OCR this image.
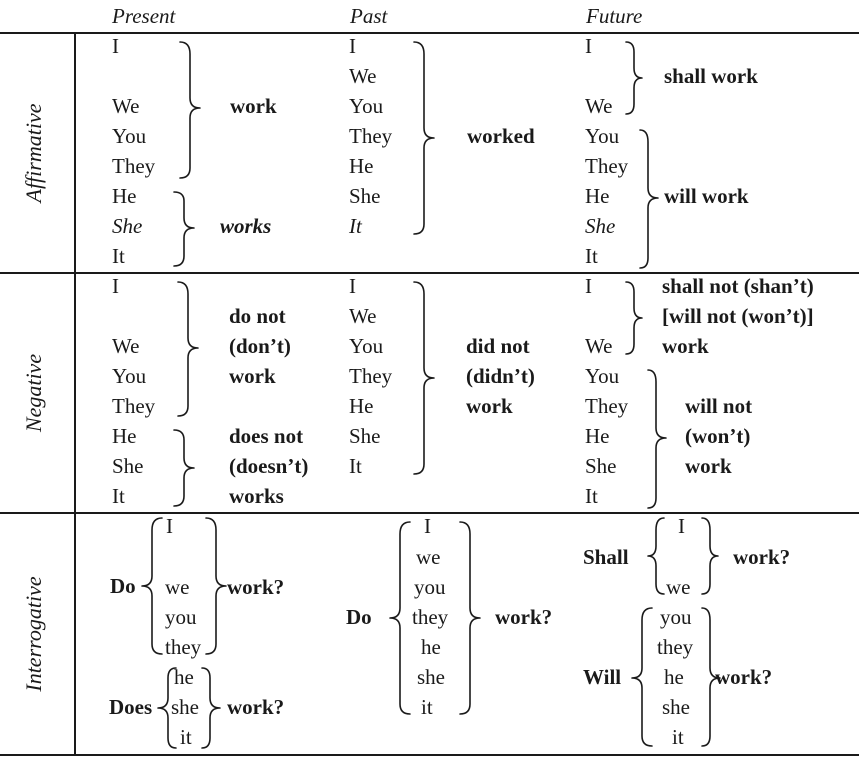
Present	Past	Future
Affirmative
Negative
Interrogative
I
We
You
They
He
She
It
work
works
I
We
You
They
He
She
It
worked
I
We
You
They
He
She
It
shall work
will work
I
We
You
They
He
She
It
do not
(don’t)
work
does not
(doesn’t)
works
I
We
You
They
He
She
It
did not
(didn’t)
work
I
We
You
They
He
She
It
shall not (shan’t)
[will not (won’t)]
work
will not
(won’t)
work
Do
I
we
you
they
work?
Does
he
she
it
work?
Do
I
we
you
they
he
she
it
work?
Shall
I
we
work?
Will
you
they
he
she
it
work?
